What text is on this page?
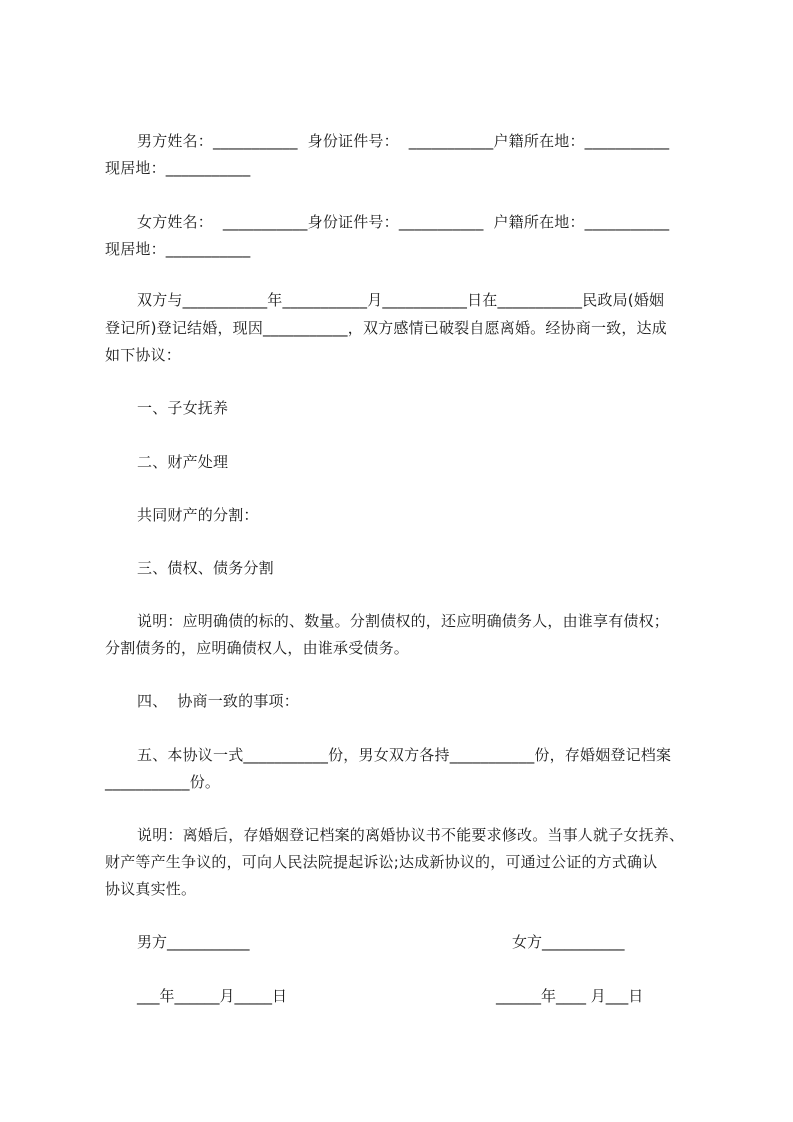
男方姓名：___________  身份证件号：  ___________户籍所在地：___________
现居地：___________
女方姓名：  ___________身份证件号：___________  户籍所在地：___________
现居地：___________
双方与___________年___________月___________日在___________民政局(婚姻
登记所)登记结婚，现因___________，双方感情已破裂自愿离婚。经协商一致，达成
如下协议：
一、子女抚养
二、财产处理
共同财产的分割：
三、债权、债务分割
说明：应明确债的标的、数量。分割债权的，还应明确债务人，由谁享有债权；
分割债务的，应明确债权人，由谁承受债务。
四、  协商一致的事项：
五、本协议一式___________份，男女双方各持___________份，存婚姻登记档案
___________份。
说明：离婚后，存婚姻登记档案的离婚协议书不能要求修改。当事人就子女抚养、
财产等产生争议的，可向人民法院提起诉讼;达成新协议的，可通过公证的方式确认
协议真实性。
男方___________	女方___________
___年______月_____日	______年____ 月___日
